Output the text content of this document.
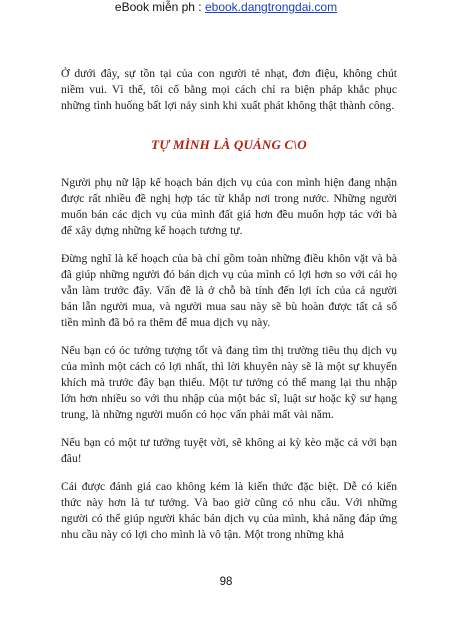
eBook miễn ph : ebook.dangtrongdai.com

Ở dưới đây, sự tồn tại của con người tẻ nhạt, đơn điệu, không chút niềm vui. Vì thế, tôi cố bằng mọi cách chỉ ra biện pháp khắc phục những tình huống bất lợi nảy sinh khi xuất phát không thật thành công.

TỰ MÌNH LÀ QUẢNG C\O

Người phụ nữ lập kế hoạch bán dịch vụ của con mình hiện đang nhận được rất nhiều đề nghị hợp tác từ khắp nơi trong nước. Những người muốn bán các dịch vụ của mình đất giá hơn đều muốn hợp tác với bà để xây dựng những kế hoạch tương tự.

Đừng nghĩ là kế hoạch của bà chỉ gồm toàn những điều khôn vặt và bà đã giúp những người đó bán dịch vụ của mình có lợi hơn so với cái họ vẫn làm trước đây. Vấn đề là ở chỗ bà tính đến lợi ích của cả người bán lẫn người mua, và người mua sau này sẽ bù hoàn được tất cả số tiền mình đã bỏ ra thêm để mua dịch vụ này.

Nếu bạn có óc tưởng tượng tốt và đang tìm thị trường tiêu thụ dịch vụ của mình một cách có lợi nhất, thì lời khuyên này sẽ là một sự khuyến khích mà trước đây bạn thiếu. Một tư tưởng có thể mang lại thu nhập lớn hơn nhiều so với thu nhập của một bác sĩ, luật sư hoặc kỹ sư hạng trung, là những người muốn có học vấn phải mất vài năm.

Nếu bạn có một tư tưởng tuyệt vời, sẽ không ai kỳ kèo mặc cả với bạn đâu!

Cái được đánh giá cao không kém là kiến thức đặc biệt. Dễ có kiến thức này hơn là tư tưởng. Và bao giờ cũng có nhu cầu. Với những người có thể giúp người khác bán dịch vụ của mình, khả năng đáp ứng nhu cầu này có lợi cho mình là vô tận. Một trong những khả

98
